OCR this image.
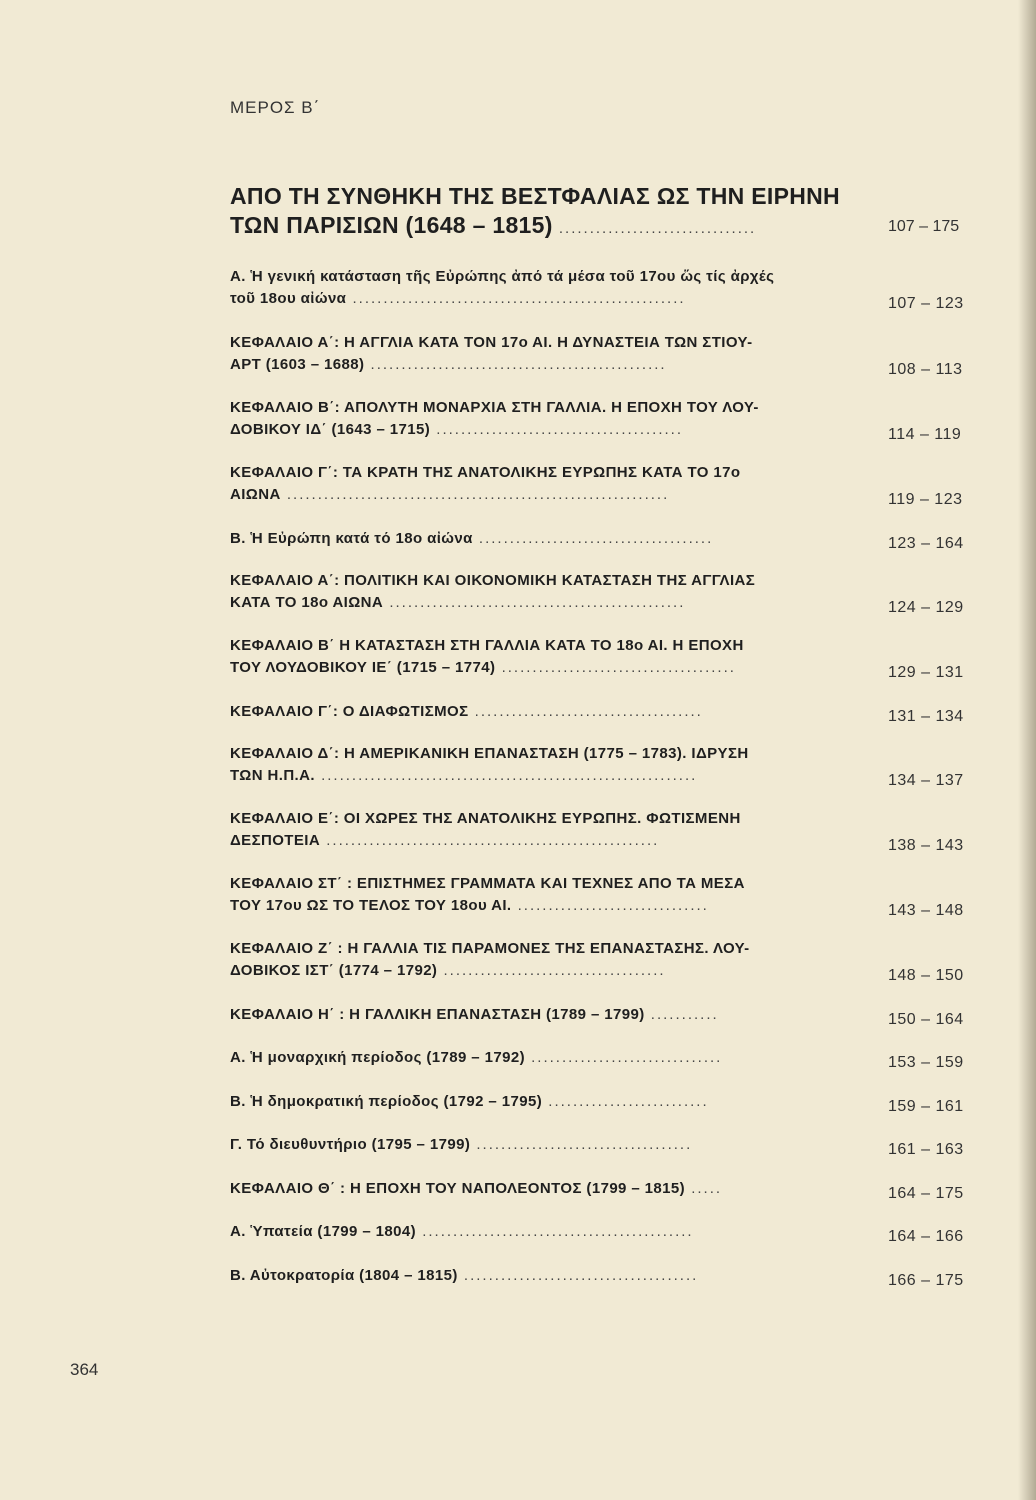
ΜΕΡΟΣ Β΄
ΑΠΟ ΤΗ ΣΥΝΘΗΚΗ ΤΗΣ ΒΕΣΤΦΑΛΙΑΣ ΩΣ ΤΗΝ ΕΙΡΗΝΗ
ΤΩΝ ΠΑΡΙΣΙΩΝ (1648 – 1815) ................................	107 – 175
Α. Ἡ γενική κατάσταση τῆς Εὐρώπης ἀπό τά μέσα τοῦ 17ου ὥς τίς ἀρχές
τοῦ 18ου αἰώνα ......................................................	107 – 123
ΚΕΦΑΛΑΙΟ Α΄: Η ΑΓΓΛΙΑ ΚΑΤΑ ΤΟΝ 17ο ΑΙ. Η ΔΥΝΑΣΤΕΙΑ ΤΩΝ ΣΤΙΟΥ-
ΑΡΤ (1603 – 1688) ................................................	108 – 113
ΚΕΦΑΛΑΙΟ Β΄: ΑΠΟΛΥΤΗ ΜΟΝΑΡΧΙΑ ΣΤΗ ΓΑΛΛΙΑ. Η ΕΠΟΧΗ ΤΟΥ ΛΟΥ-
ΔΟΒΙΚΟΥ ΙΔ΄ (1643 – 1715) ........................................	114 – 119
ΚΕΦΑΛΑΙΟ Γ΄: ΤΑ ΚΡΑΤΗ ΤΗΣ ΑΝΑΤΟΛΙΚΗΣ ΕΥΡΩΠΗΣ ΚΑΤΑ ΤΟ 17ο
ΑΙΩΝΑ ..............................................................	119 – 123
Β. Ἡ Εὐρώπη κατά τό 18ο αἰώνα ......................................	123 – 164
ΚΕΦΑΛΑΙΟ Α΄: ΠΟΛΙΤΙΚΗ ΚΑΙ ΟΙΚΟΝΟΜΙΚΗ ΚΑΤΑΣΤΑΣΗ ΤΗΣ ΑΓΓΛΙΑΣ
ΚΑΤΑ ΤΟ 18ο ΑΙΩΝΑ ................................................	124 – 129
ΚΕΦΑΛΑΙΟ Β΄ Η ΚΑΤΑΣΤΑΣΗ ΣΤΗ ΓΑΛΛΙΑ ΚΑΤΑ ΤΟ 18ο ΑΙ. Η ΕΠΟΧΗ
ΤΟΥ ΛΟΥΔΟΒΙΚΟΥ ΙΕ΄ (1715 – 1774) ......................................	129 – 131
ΚΕΦΑΛΑΙΟ Γ΄: Ο ΔΙΑΦΩΤΙΣΜΟΣ .....................................	131 – 134
ΚΕΦΑΛΑΙΟ Δ΄: Η ΑΜΕΡΙΚΑΝΙΚΗ ΕΠΑΝΑΣΤΑΣΗ (1775 – 1783). ΙΔΡΥΣΗ
ΤΩΝ Η.Π.Α. .............................................................	134 – 137
ΚΕΦΑΛΑΙΟ Ε΄: ΟΙ ΧΩΡΕΣ ΤΗΣ ΑΝΑΤΟΛΙΚΗΣ ΕΥΡΩΠΗΣ. ΦΩΤΙΣΜΕΝΗ
ΔΕΣΠΟΤΕΙΑ ......................................................	138 – 143
ΚΕΦΑΛΑΙΟ ΣΤ΄ : ΕΠΙΣΤΗΜΕΣ ΓΡΑΜΜΑΤΑ ΚΑΙ ΤΕΧΝΕΣ ΑΠΟ ΤΑ ΜΕΣΑ
ΤΟΥ 17ου ΩΣ ΤΟ ΤΕΛΟΣ ΤΟΥ 18ου ΑΙ. ...............................	143 – 148
ΚΕΦΑΛΑΙΟ Ζ΄ : Η ΓΑΛΛΙΑ ΤΙΣ ΠΑΡΑΜΟΝΕΣ ΤΗΣ ΕΠΑΝΑΣΤΑΣΗΣ. ΛΟΥ-
ΔΟΒΙΚΟΣ ΙΣΤ΄ (1774 – 1792) ....................................	148 – 150
ΚΕΦΑΛΑΙΟ Η΄ : Η ΓΑΛΛΙΚΗ ΕΠΑΝΑΣΤΑΣΗ (1789 – 1799) ...........	150 – 164
Α. Ἡ μοναρχική περίοδος (1789 – 1792) ...............................	153 – 159
Β. Ἡ δημοκρατική περίοδος (1792 – 1795) ..........................	159 – 161
Γ. Τό διευθυντήριο (1795 – 1799) ...................................	161 – 163
ΚΕΦΑΛΑΙΟ Θ΄ : Η ΕΠΟΧΗ ΤΟΥ ΝΑΠΟΛΕΟΝΤΟΣ (1799 – 1815) .....	164 – 175
Α. Ὑπατεία (1799 – 1804) ............................................	164 – 166
Β. Αὐτοκρατορία (1804 – 1815) ......................................	166 – 175
364
